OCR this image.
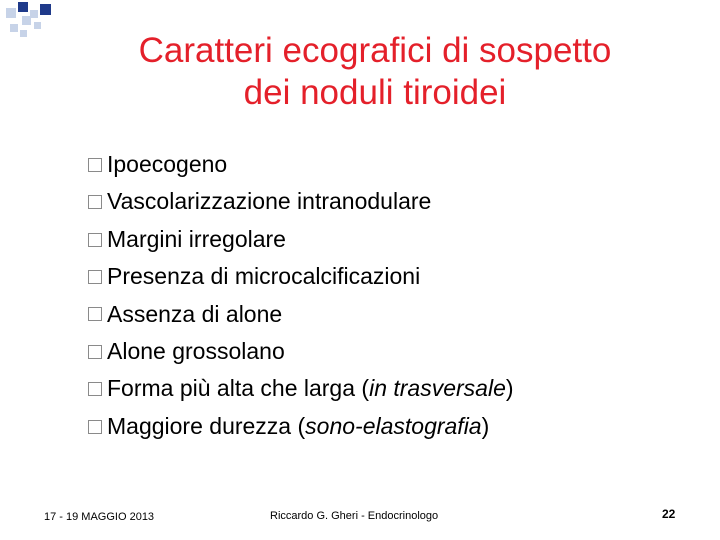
Caratteri ecografici di sospetto
dei noduli tiroidei
Ipoecogeno
Vascolarizzazione intranodulare
Margini irregolare
Presenza di microcalcificazioni
Assenza di alone
Alone grossolano
Forma più alta che larga (in trasversale)
Maggiore durezza (sono-elastografia)
17 - 19 MAGGIO 2013	Riccardo G. Gheri - Endocrinologo	22
